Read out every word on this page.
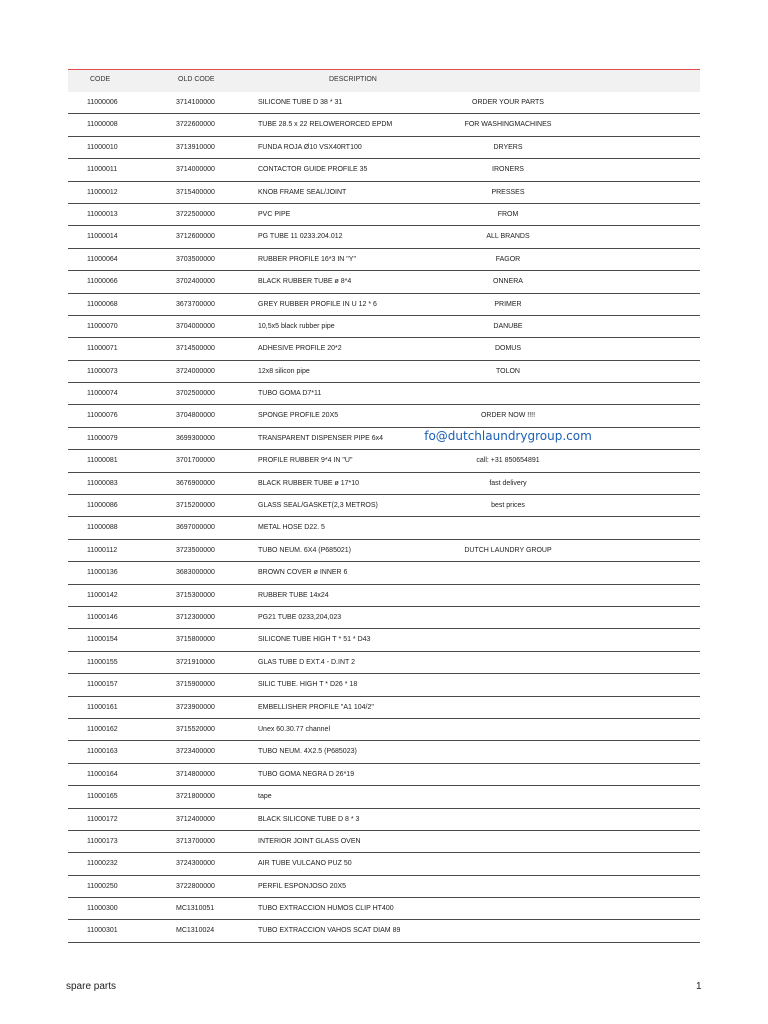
CODE	OLD CODE	DESCRIPTION
11000006	3714100000	SILICONE TUBE D 38 * 31	ORDER YOUR PARTS
11000008	3722600000	TUBE 28.5 x 22 RELOWERORCED EPDM	FOR WASHINGMACHINES
11000010	3713910000	FUNDA ROJA Ø10 VSX40RT100	DRYERS
11000011	3714000000	CONTACTOR GUIDE PROFILE 35	IRONERS
11000012	3715400000	KNOB FRAME SEAL/JOINT	PRESSES
11000013	3722500000	PVC PIPE	FROM
11000014	3712600000	PG TUBE 11 0233.204.012	ALL BRANDS
11000064	3703500000	RUBBER PROFILE 16*3 IN "Y"	FAGOR
11000066	3702400000	BLACK RUBBER TUBE ø 8*4	ONNERA
11000068	3673700000	GREY RUBBER PROFILE IN U 12 * 6	PRIMER
11000070	3704000000	10,5x5 black rubber pipe	DANUBE
11000071	3714500000	ADHESIVE PROFILE 20*2	DOMUS
11000073	3724000000	12x8 silicon pipe	TOLON
11000074	3702500000	TUBO GOMA D7*11
11000076	3704800000	SPONGE PROFILE 20X5	ORDER NOW !!!!
11000079	3699300000	TRANSPARENT DISPENSER PIPE 6x4	fo@dutchlaundrygroup.com
11000081	3701700000	PROFILE RUBBER 9*4 IN "U"	call: +31 850654891
11000083	3676900000	BLACK RUBBER TUBE ø 17*10	fast delivery
11000086	3715200000	GLASS SEAL/GASKET(2,3 METROS)	best prices
11000088	3697000000	METAL HOSE D22. 5
11000112	3723500000	TUBO NEUM. 6X4 (P685021)	DUTCH LAUNDRY GROUP
11000136	3683000000	BROWN COVER ø INNER 6
11000142	3715300000	RUBBER TUBE 14x24
11000146	3712300000	PG21 TUBE 0233,204,023
11000154	3715800000	SILICONE TUBE HIGH T * 51 * D43
11000155	3721910000	GLAS TUBE D EXT.4 - D.INT 2
11000157	3715900000	SILIC TUBE. HIGH T * D26 * 18
11000161	3723900000	EMBELLISHER PROFILE "A1 104/2"
11000162	3715520000	Unex 60.30.77 channel
11000163	3723400000	TUBO NEUM. 4X2.5 (P685023)
11000164	3714800000	TUBO GOMA NEGRA D 26*19
11000165	3721800000	tape
11000172	3712400000	BLACK SILICONE TUBE D 8 * 3
11000173	3713700000	INTERIOR JOINT GLASS OVEN
11000232	3724300000	AIR TUBE VULCANO PUZ 50
11000250	3722800000	PERFIL ESPONJOSO 20X5
11000300	MC1310051	TUBO EXTRACCION HUMOS CLIP HT400
11000301	MC1310024	TUBO EXTRACCION VAHOS SCAT DIAM 89
spare parts	1
